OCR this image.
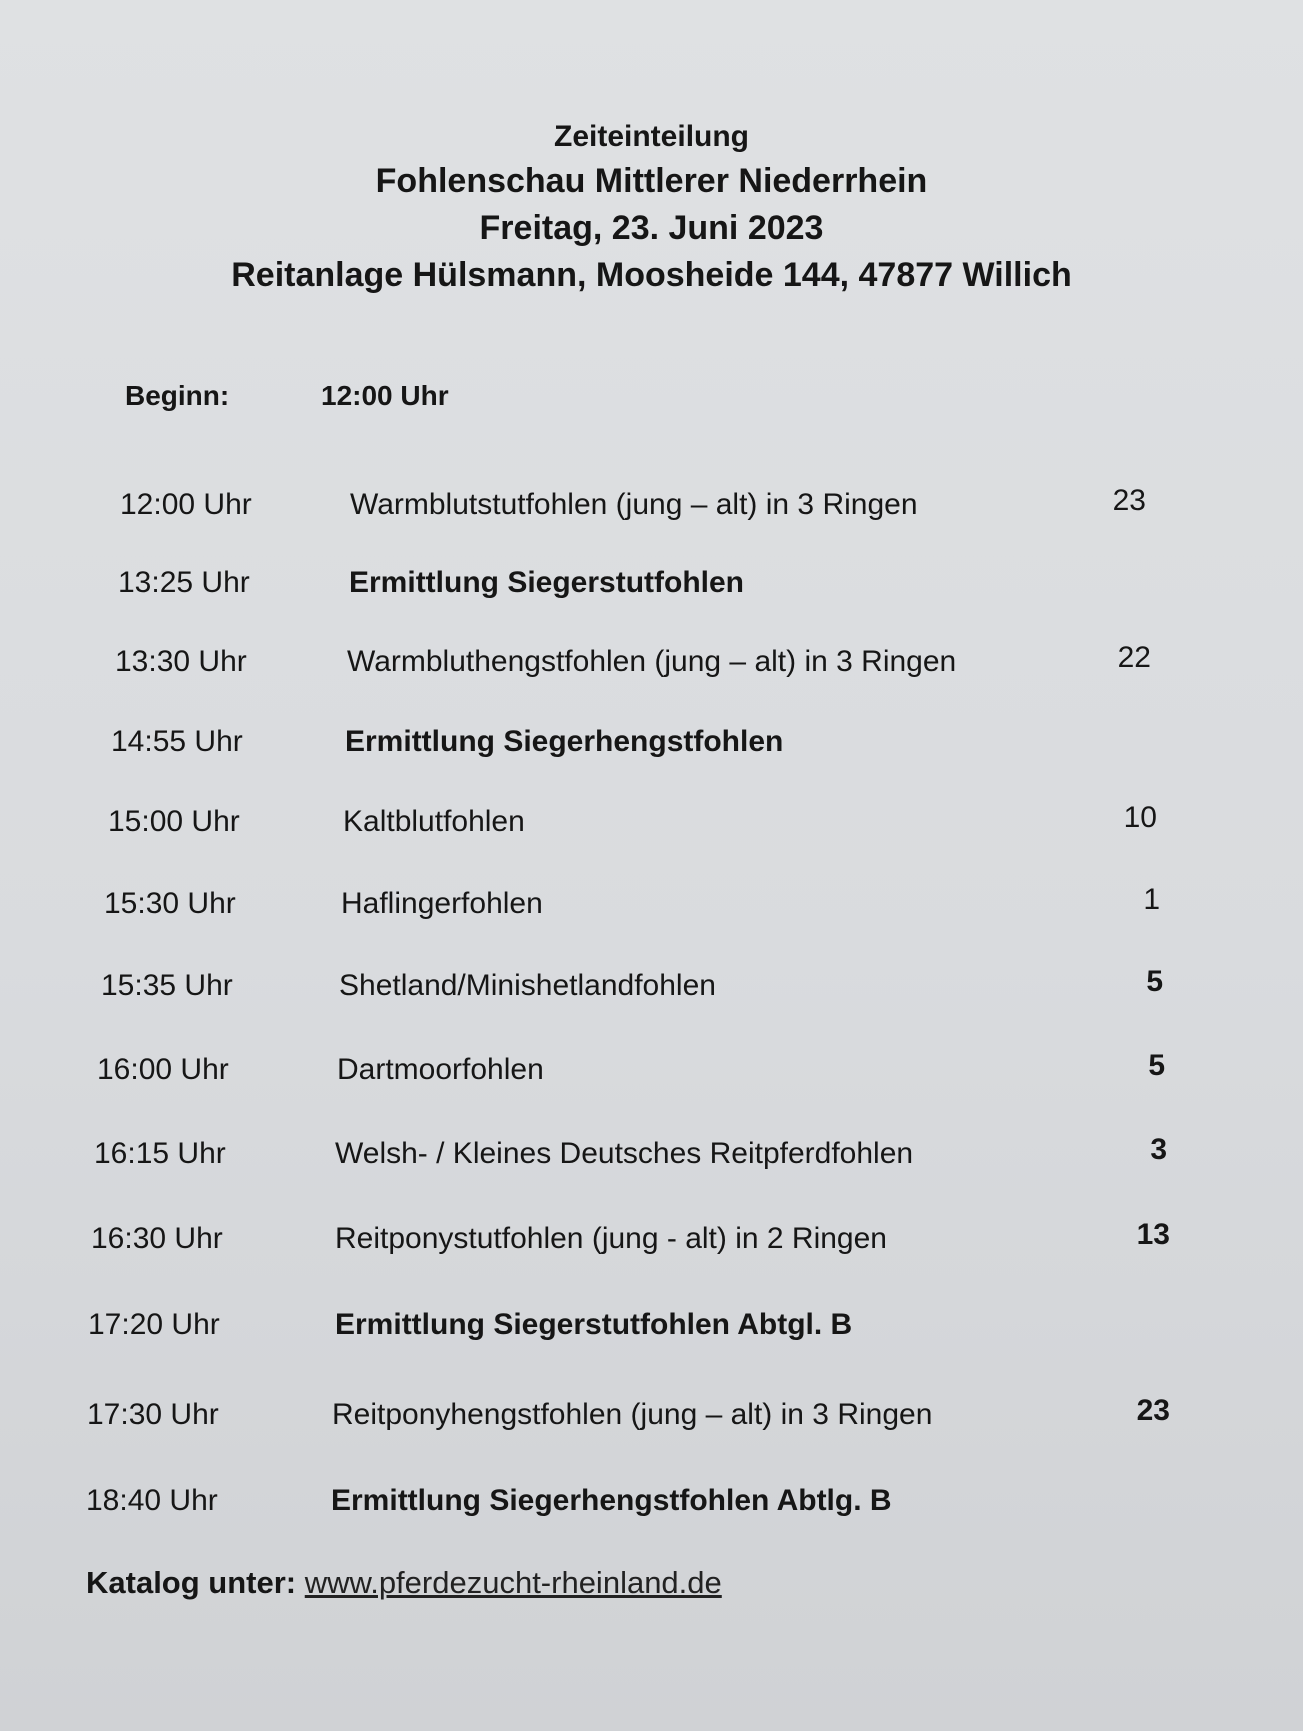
Zeiteinteilung
Fohlenschau Mittlerer Niederrhein
Freitag, 23. Juni 2023
Reitanlage Hülsmann, Moosheide 144, 47877 Willich
Beginn:	12:00 Uhr
12:00 Uhr	Warmblutstutfohlen (jung – alt) in 3 Ringen	23
13:25 Uhr	Ermittlung Siegerstutfohlen
13:30 Uhr	Warmbluthengstfohlen (jung – alt) in 3 Ringen	22
14:55 Uhr	Ermittlung Siegerhengstfohlen
15:00 Uhr	Kaltblutfohlen	10
15:30 Uhr	Haflingerfohlen	1
15:35 Uhr	Shetland/Minishetlandfohlen	5
16:00 Uhr	Dartmoorfohlen	5
16:15 Uhr	Welsh- / Kleines Deutsches Reitpferdfohlen	3
16:30 Uhr	Reitponystutfohlen (jung - alt) in 2 Ringen	13
17:20 Uhr	Ermittlung Siegerstutfohlen Abtgl. B
17:30 Uhr	Reitponyhengstfohlen (jung – alt) in 3 Ringen	23
18:40 Uhr	Ermittlung Siegerhengstfohlen Abtlg. B
Katalog unter: www.pferdezucht-rheinland.de
